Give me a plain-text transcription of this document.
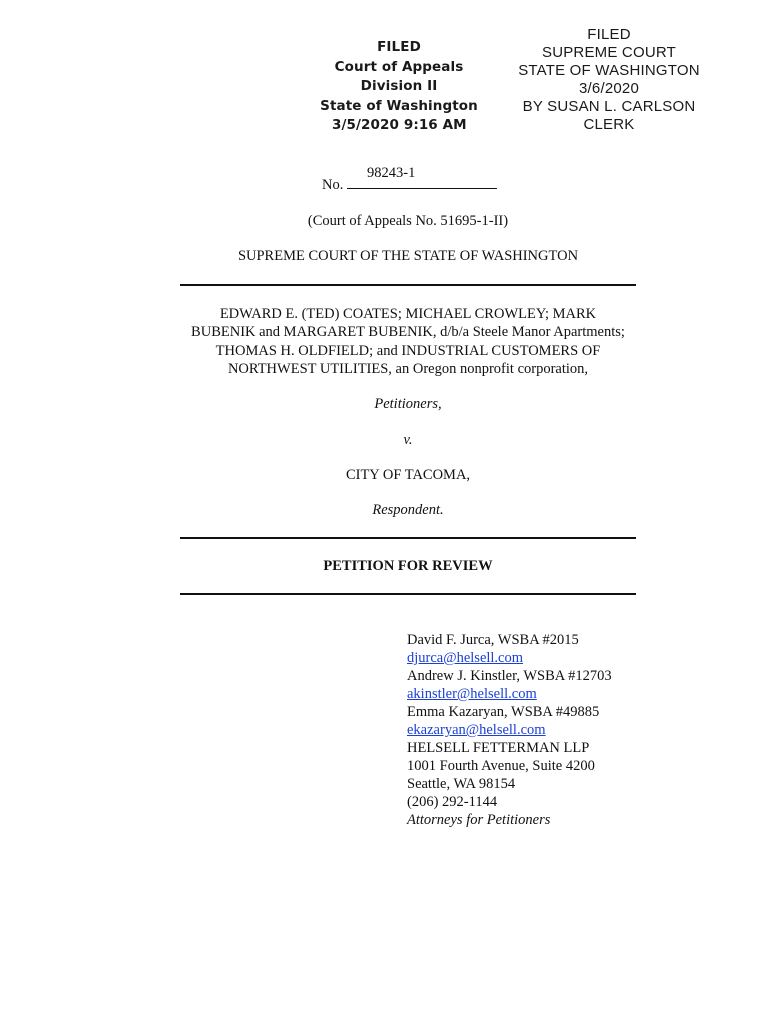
FILED
Court of Appeals
Division II
State of Washington
3/5/2020 9:16 AM
FILED
SUPREME COURT
STATE OF WASHINGTON
3/6/2020
BY SUSAN L. CARLSON
CLERK
No.
98243-1
(Court of Appeals No. 51695-1-II)
SUPREME COURT OF THE STATE OF WASHINGTON
EDWARD E. (TED) COATES; MICHAEL CROWLEY; MARK
BUBENIK and MARGARET BUBENIK, d/b/a Steele Manor Apartments;
THOMAS H. OLDFIELD; and INDUSTRIAL CUSTOMERS OF
NORTHWEST UTILITIES, an Oregon nonprofit corporation,
Petitioners,
v.
CITY OF TACOMA,
Respondent.
PETITION FOR REVIEW
David F. Jurca, WSBA #2015
djurca@helsell.com
Andrew J. Kinstler, WSBA #12703
akinstler@helsell.com
Emma Kazaryan, WSBA #49885
ekazaryan@helsell.com
HELSELL FETTERMAN LLP
1001 Fourth Avenue, Suite 4200
Seattle, WA 98154
(206) 292-1144
Attorneys for Petitioners
